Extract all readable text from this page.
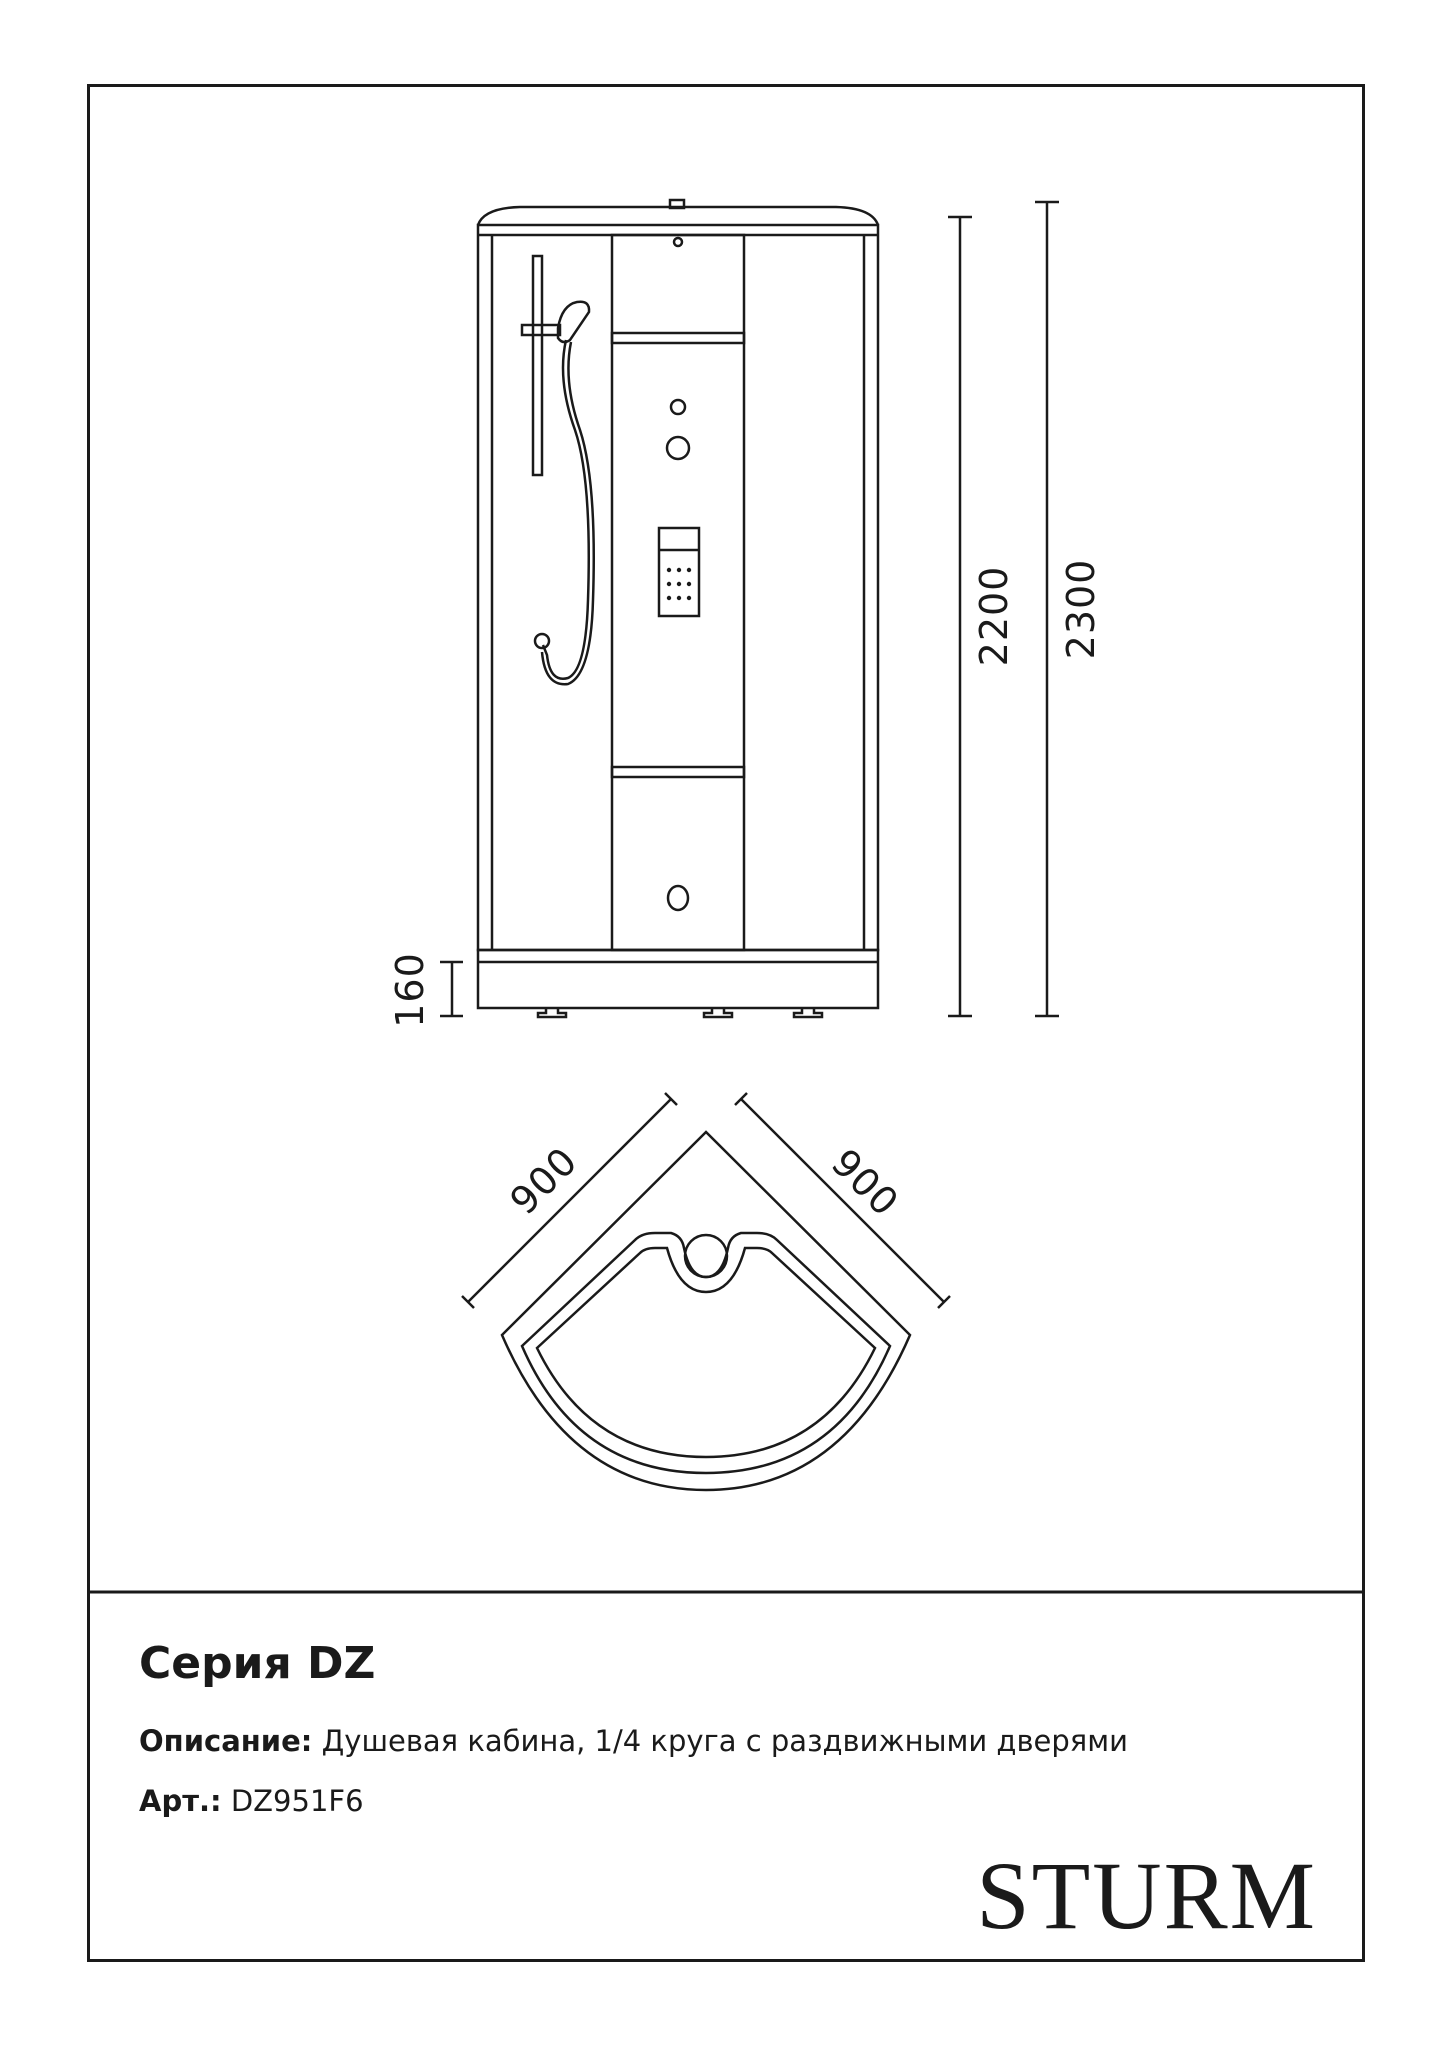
160
2200 2300
900	900

Серия DZ

Описание: Душевая кабина, 1/4 круга с раздвижными дверями

Арт.: DZ951F6

STURM
